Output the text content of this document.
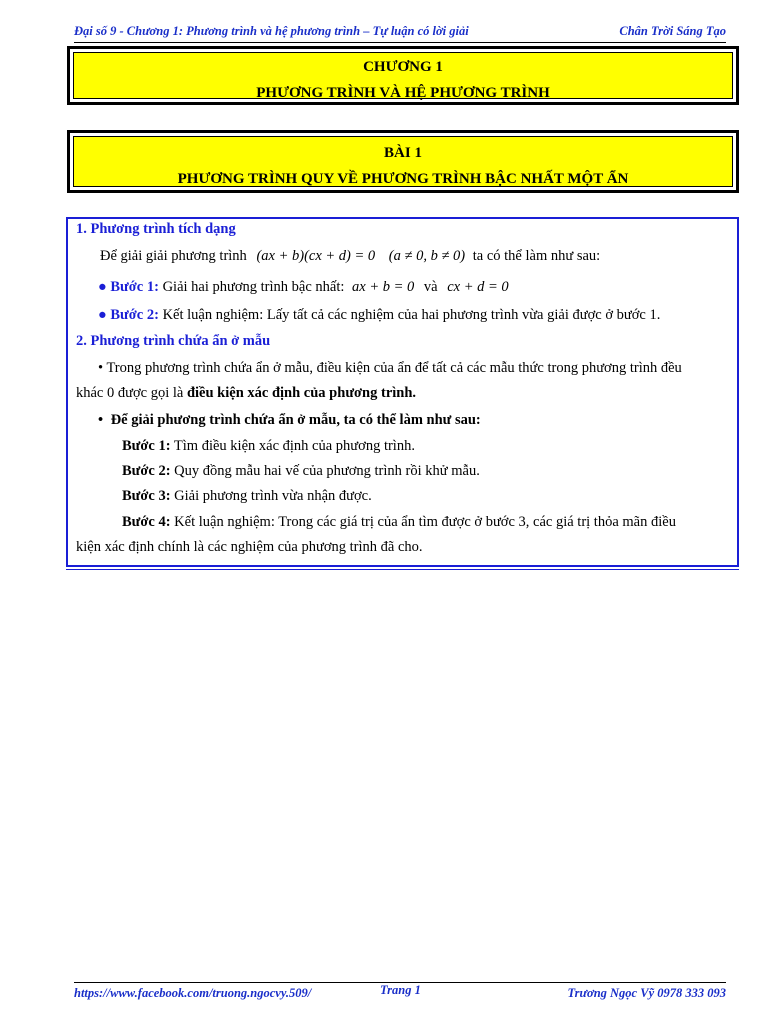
Đại số 9 - Chương 1: Phương trình và hệ phương trình – Tự luận có lời giải	Chân Trời Sáng Tạo
CHƯƠNG 1
PHƯƠNG TRÌNH VÀ HỆ PHƯƠNG TRÌNH
BÀI 1
PHƯƠNG TRÌNH QUY VỀ PHƯƠNG TRÌNH BẬC NHẤT MỘT ẨN
1. Phương trình tích dạng
Để giải giải phương trình (ax + b)(cx + d) = 0 (a ≠ 0, b ≠ 0) ta có thể làm như sau:
● Bước 1: Giải hai phương trình bậc nhất: ax + b = 0 và cx + d = 0
● Bước 2: Kết luận nghiệm: Lấy tất cả các nghiệm của hai phương trình vừa giải được ở bước 1.
2. Phương trình chứa ẩn ở mẫu
• Trong phương trình chứa ẩn ở mẫu, điều kiện của ẩn để tất cả các mẫu thức trong phương trình đều
khác 0 được gọi là điều kiện xác định của phương trình.
• Để giải phương trình chứa ẩn ở mẫu, ta có thể làm như sau:
Bước 1: Tìm điều kiện xác định của phương trình.
Bước 2: Quy đồng mẫu hai vế của phương trình rồi khử mẫu.
Bước 3: Giải phương trình vừa nhận được.
Bước 4: Kết luận nghiệm: Trong các giá trị của ẩn tìm được ở bước 3, các giá trị thỏa mãn điều
kiện xác định chính là các nghiệm của phương trình đã cho.
https://www.facebook.com/truong.ngocvy.509/	Trang 1	Trương Ngọc Vỹ 0978 333 093
